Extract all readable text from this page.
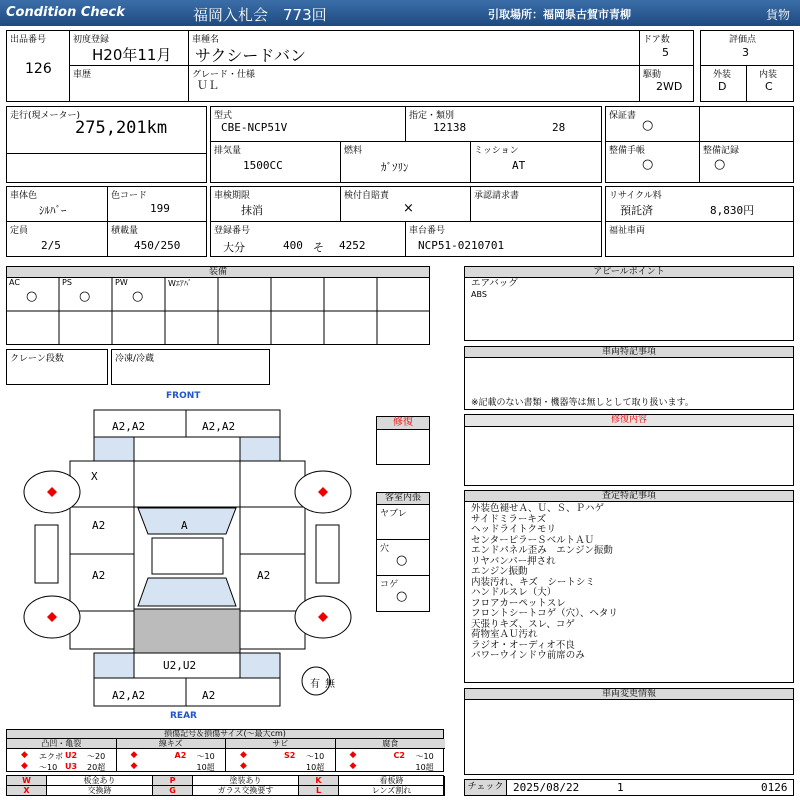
Condition Check	福岡入札会　773回	引取場所：福岡県古賀市青柳	貨物
出品番号
126
初度登録
H20年11月
車歴
車種名
サクシードバン
グレード・仕様
ＵＬ
ドア数
5
駆動
2WD
評価点
3
外装
D
内装
C
走行(現メーター)
275,201km
型式
CBE-NCP51V
指定・類別
12138	28
保証書
○
排気量
1500CC
燃料
ｶﾞｿﾘﾝ
ミッション
AT
整備手帳
○
整備記録
○
車体色
ｼﾙﾊﾞｰ
色コード
199
車検期限
抹消
検付自賠責
×
承認請求書	リサイクル料
預託済	8,830円
定員
2/5
積載量
450/250
登録番号
大分	400 そ 4252
車台番号
NCP51-0210701
福祉車両
装備
AC
○
PS
○
PW
○
Wｴｱﾊﾞ
クレーン段数	冷凍/冷蔵
アピールポイント
エアバッグ
ABS
車両特記事項
※記載のない書類・機器等は無しとして取り扱います。
修復内容
査定特記事項
外装色褪せＡ、Ｕ、Ｓ、Ｐハゲ
サイドミラーキズ
ヘッドライトクモリ
センターピラーＳベルトＡＵ
エンドパネル歪み　エンジン振動
リヤバンパー押され
エンジン振動
内装汚れ、キズ　シートシミ
ハンドルスレ（大）
フロアカーペットスレ
フロントシートコゲ（穴）、ヘタリ
天張りキズ、スレ、コゲ
荷物室ＡＵ汚れ
ラジオ・オーディオ不良
パワーウインドウ前席のみ
車両変更情報
修復
客室内張
ヤブレ
穴
○
コゲ
○
FRONT
REAR
A2,A2	A2,A2
X
A2
A2
A
A2
U2,U2
A2,A2	A2
有 無
損傷記号＆損傷サイズ(〜最大cm)
凸凹・亀裂
◆ エクボ U2 〜20
◆ 〜10 U3 20超
線キズ
◆	A2 〜10
◆	10超
サビ
◆	S2 〜10
◆	10超
腐食
◆	C2 〜10
◆	10超
W	板金あり	P	塗装あり	K	看板跡
X	交換跡	G	ガラス交換要す	L	レンズ割れ	チェック 2025/08/22	1	0126
